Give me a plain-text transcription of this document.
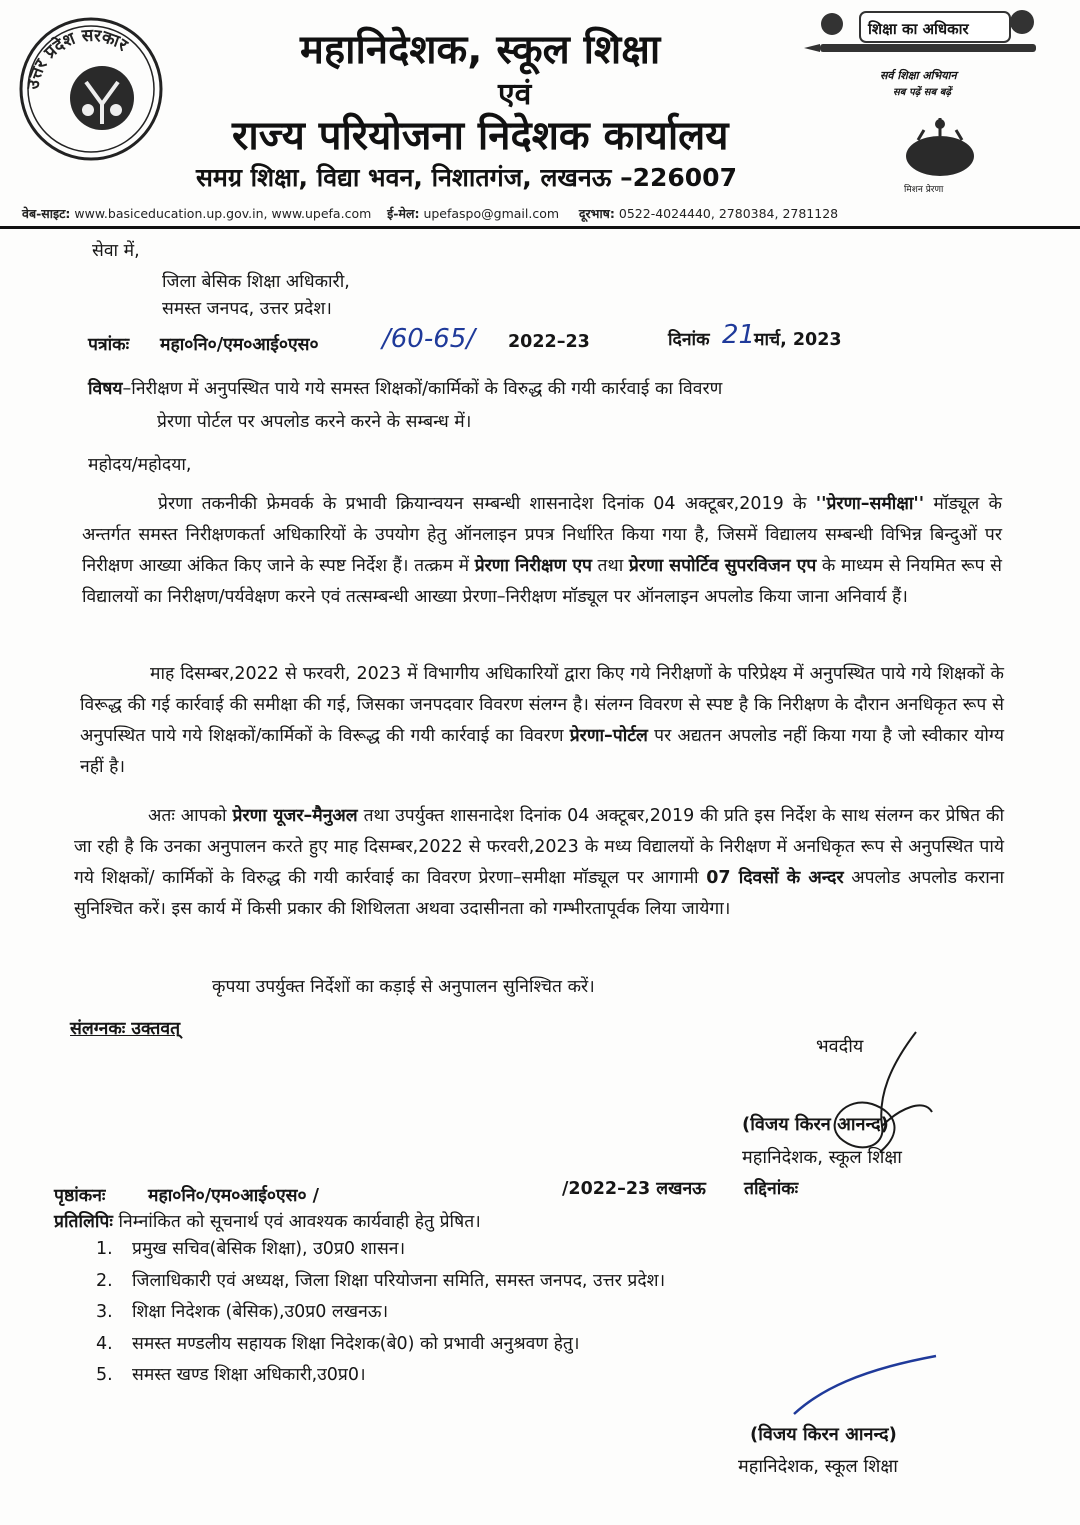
उत्तर प्रदेश सरकार	महानिदेशक, स्कूल शिक्षा
एवं
राज्य परियोजना निदेशक कार्यालय
समग्र शिक्षा, विद्या भवन, निशातगंज, लखनऊ –226007
शिक्षा का अधिकार
सर्व शिक्षा अभियान
सब पढ़ें सब बढ़ें
मिशन प्रेरणा
वेब-साइट: www.basiceducation.up.gov.in, www.upefa.com ई-मेल: upefaspo@gmail.com दूरभाष: 0522-4024440, 2780384, 2781128
सेवा में,
जिला बेसिक शिक्षा अधिकारी,
समस्त जनपद, उत्तर प्रदेश।
पत्रांकः महा०नि०/एम०आई०एस० /60-65/ 2022–23	दिनांक 21
मार्च, 2023
विषय–निरीक्षण में अनुपस्थित पाये गये समस्त शिक्षकों/कार्मिकों के विरुद्ध की गयी कार्रवाई का विवरण
प्रेरणा पोर्टल पर अपलोड करने करने के सम्बन्ध में।
महोदय/महोदया,
प्रेरणा तकनीकी फ्रेमवर्क के प्रभावी क्रियान्वयन सम्बन्धी शासनादेश दिनांक 04 अक्टूबर,2019 के ''प्रेरणा–समीक्षा'' मॉड्यूल के अन्तर्गत समस्त निरीक्षणकर्ता अधिकारियों के उपयोग हेतु ऑनलाइन प्रपत्र निर्धारित किया गया है, जिसमें विद्यालय सम्बन्धी विभिन्न बिन्दुओं पर निरीक्षण आख्या अंकित किए जाने के स्पष्ट निर्देश हैं। तत्क्रम में प्रेरणा निरीक्षण एप तथा प्रेरणा सपोर्टिव सुपरविजन एप के माध्यम से नियमित रूप से विद्यालयों का निरीक्षण/पर्यवेक्षण करने एवं तत्सम्बन्धी आख्या प्रेरणा–निरीक्षण मॉड्यूल पर ऑनलाइन अपलोड किया जाना अनिवार्य हैं।
माह दिसम्बर,2022 से फरवरी, 2023 में विभागीय अधिकारियों द्वारा किए गये निरीक्षणों के परिप्रेक्ष्य में अनुपस्थित पाये गये शिक्षकों के विरूद्ध की गई कार्रवाई की समीक्षा की गई, जिसका जनपदवार विवरण संलग्न है। संलग्न विवरण से स्पष्ट है कि निरीक्षण के दौरान अनधिकृत रूप से अनुपस्थित पाये गये शिक्षकों/कार्मिकों के विरूद्ध की गयी कार्रवाई का विवरण प्रेरणा–पोर्टल पर अद्यतन अपलोड नहीं किया गया है जो स्वीकार योग्य नहीं है।
अतः आपको प्रेरणा यूजर–मैनुअल तथा उपर्युक्त शासनादेश दिनांक 04 अक्टूबर,2019 की प्रति इस निर्देश के साथ संलग्न कर प्रेषित की जा रही है कि उनका अनुपालन करते हुए माह दिसम्बर,2022 से फरवरी,2023 के मध्य विद्यालयों के निरीक्षण में अनधिकृत रूप से अनुपस्थित पाये गये शिक्षकों/ कार्मिकों के विरुद्ध की गयी कार्रवाई का विवरण प्रेरणा–समीक्षा मॉड्यूल पर आगामी 07 दिवसों के अन्दर अपलोड अपलोड कराना सुनिश्चित करें। इस कार्य में किसी प्रकार की शिथिलता अथवा उदासीनता को गम्भीरतापूर्वक लिया जायेगा।
कृपया उपर्युक्त निर्देशों का कड़ाई से अनुपालन सुनिश्चित करें।
संलग्नकः उक्तवत्
भवदीय
(विजय किरन आनन्द)
महानिदेशक, स्कूल शिक्षा
पृष्ठांकनः महा०नि०/एम०आई०एस० /	/2022–23 लखनऊ तद्दिनांकः
प्रतिलिपिः निम्नांकित को सूचनार्थ एवं आवश्यक कार्यवाही हेतु प्रेषित।
1. प्रमुख सचिव(बेसिक शिक्षा), उ0प्र0 शासन।
2. जिलाधिकारी एवं अध्यक्ष, जिला शिक्षा परियोजना समिति, समस्त जनपद, उत्तर प्रदेश।
3. शिक्षा निदेशक (बेसिक),उ0प्र0 लखनऊ।
4. समस्त मण्डलीय सहायक शिक्षा निदेशक(बे0) को प्रभावी अनुश्रवण हेतु।
5. समस्त खण्ड शिक्षा अधिकारी,उ0प्र0।
(विजय किरन आनन्द)
महानिदेशक, स्कूल शिक्षा
